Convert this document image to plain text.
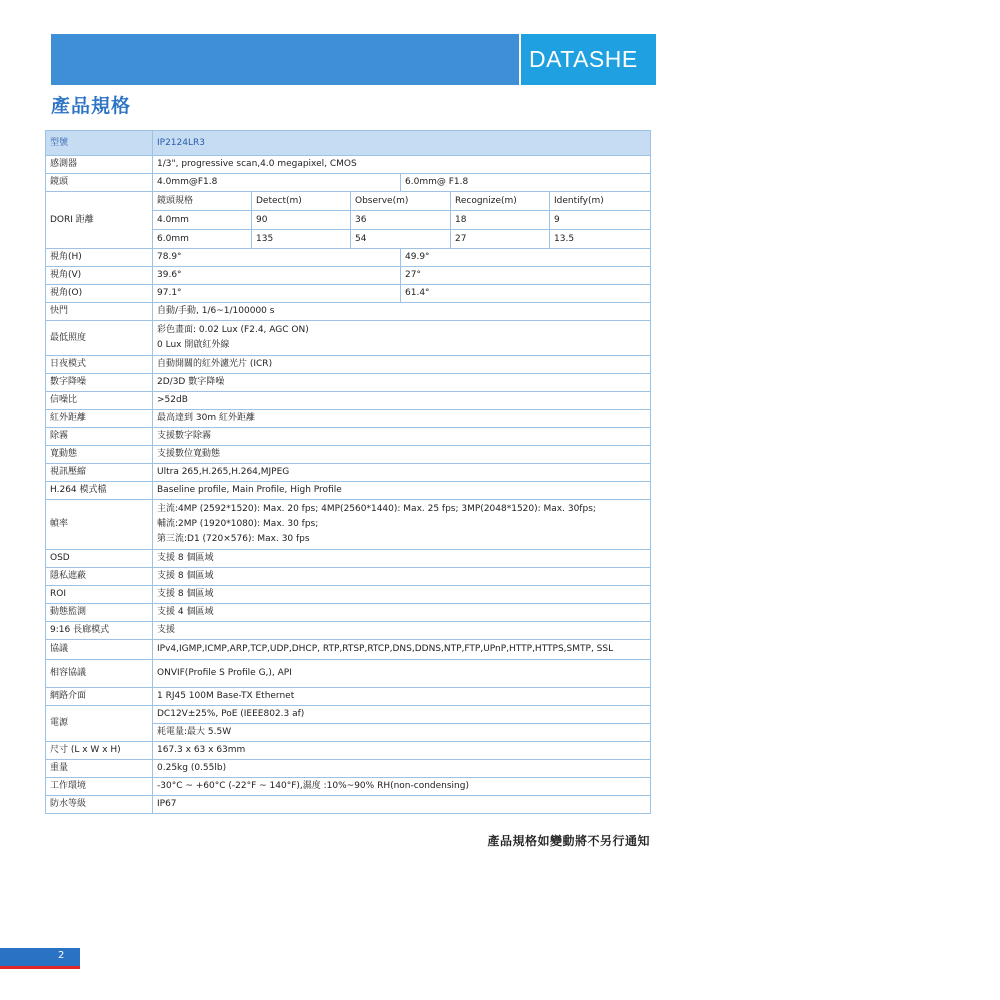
DATASHE
產品規格
型號	IP2124LR3					
感測器	1/3", progressive scan,4.0 megapixel, CMOS					
鏡頭	4.0mm@F1.8			6.0mm@ F1.8		
DORI 距離	鏡頭規格	Detect(m)	Observe(m)		Recognize(m)	Identify(m)
	4.0mm	90	36		18	9
	6.0mm	135	54		27	13.5
視角(H)	78.9°			49.9°		
視角(V)	39.6°			27°		
視角(O)	97.1°			61.4°		
快門	自動/手動, 1/6~1/100000 s					
最低照度	彩色畫面: 0.02 Lux (F2.4, AGC ON)
0 Lux 開啟紅外線					

日夜模式	自動開關的紅外濾光片 (ICR)					
數字降噪	2D/3D 數字降噪					
信噪比	>52dB					
紅外距離	最高達到 30m 紅外距離					
除霧	支援數字除霧					
寬動態	支援數位寬動態					
視訊壓縮	Ultra 265,H.265,H.264,MJPEG					
H.264 模式檔	Baseline profile, Main Profile, High Profile					
幀率	主流:4MP (2592*1520): Max. 20 fps; 4MP(2560*1440): Max. 25 fps; 3MP(2048*1520): Max. 30fps;
輔流:2MP (1920*1080): Max. 30 fps;
第三流:D1 (720×576): Max. 30 fps					

OSD	支援 8 個區域					
隱私遮蔽	支援 8 個區域					
ROI	支援 8 個區域					
動態監測	支援 4 個區域					
9:16 長廊模式	支援					
協議	IPv4,IGMP,ICMP,ARP,TCP,UDP,DHCP, RTP,RTSP,RTCP,DNS,DDNS,NTP,FTP,UPnP,HTTP,HTTPS,SMTP, SSL					
相容協議	ONVIF(Profile S Profile G,), API					
網路介面	1 RJ45 100M Base-TX Ethernet					
電源	DC12V±25%, PoE (IEEE802.3 af)					
	耗電量:最大 5.5W					
尺寸 (L x W x H)	167.3 x 63 x 63mm					
重量	0.25kg (0.55lb)					
工作環境	-30°C ~ +60°C (-22°F ~ 140°F),濕度 :10%~90% RH(non-condensing)					
防水等級	IP67					
產品規格如變動將不另行通知
2
